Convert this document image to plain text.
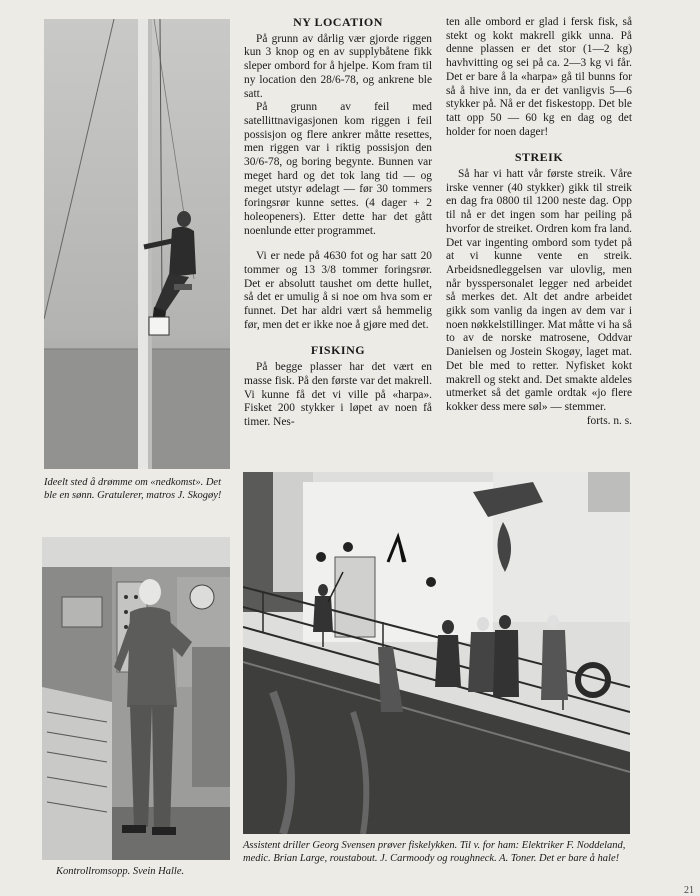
Ideelt sted å drømme om «nedkomst». Det ble en sønn. Gratulerer, matros J. Skogøy!
Kontrollromsopp. Svein Halle.
Assistent driller Georg Svensen prøver fiskelykken. Til v. for ham: Elektriker F. Noddeland, medic. Brian Large, roustabout. J. Carmoody og roughneck. A. Toner. Det er bare å hale!
NY LOCATION

På grunn av dårlig vær gjorde riggen kun 3 knop og en av supplybåtene fikk sleper ombord for å hjelpe. Kom fram til ny location den 28/6-78, og ankrene ble satt.

På grunn av feil med satellittnavigasjonen kom riggen i feil possisjon og flere ankrer måtte resettes, men riggen var i riktig possisjon den 30/6-78, og boring begynte. Bunnen var meget hard og det tok lang tid — og meget utstyr ødelagt — før 30 tommers foringsrør kunne settes. (4 dager + 2 holeopeners). Etter dette har det gått noenlunde etter programmet.

Vi er nede på 4630 fot og har satt 20 tommer og 13 3/8 tommer foringsrør. Det er absolutt taushet om dette hullet, så det er umulig å si noe om hva som er funnet. Det har aldri vært så hemmelig før, men det er ikke noe å gjøre med det.

FISKING

På begge plasser har det vært en masse fisk. På den første var det makrell. Vi kunne få det vi ville på «harpa». Fisket 200 stykker i løpet av noen få timer. Nes-

ten alle ombord er glad i fersk fisk, så stekt og kokt makrell gikk unna. På denne plassen er det stor (1—2 kg) havhvitting og sei på ca. 2—3 kg vi får. Det er bare å la «harpa» gå til bunns for så å hive inn, da er det vanligvis 5—6 stykker på. Nå er det fiskestopp. Det ble tatt opp 50 — 60 kg en dag og det holder for noen dager!

STREIK

Så har vi hatt vår første streik. Våre irske venner (40 stykker) gikk til streik en dag fra 0800 til 1200 neste dag. Opp til nå er det ingen som har peiling på hvorfor de streiket. Ordren kom fra land. Det var ingenting ombord som tydet på at vi kunne vente en streik. Arbeidsnedleggelsen var ulovlig, men når bysspersonalet legger ned arbeidet så merkes det. Alt det andre arbeidet gikk som vanlig da ingen av dem var i noen nøkkelstillinger. Mat måtte vi ha så to av de norske matrosene, Oddvar Danielsen og Jostein Skogøy, laget mat. Det ble med to retter. Nyfisket kokt makrell og stekt and. Det smakte aldeles utmerket så det gamle ordtak «jo flere kokker dess mere søl» — stemmer.

forts. n. s.

21
